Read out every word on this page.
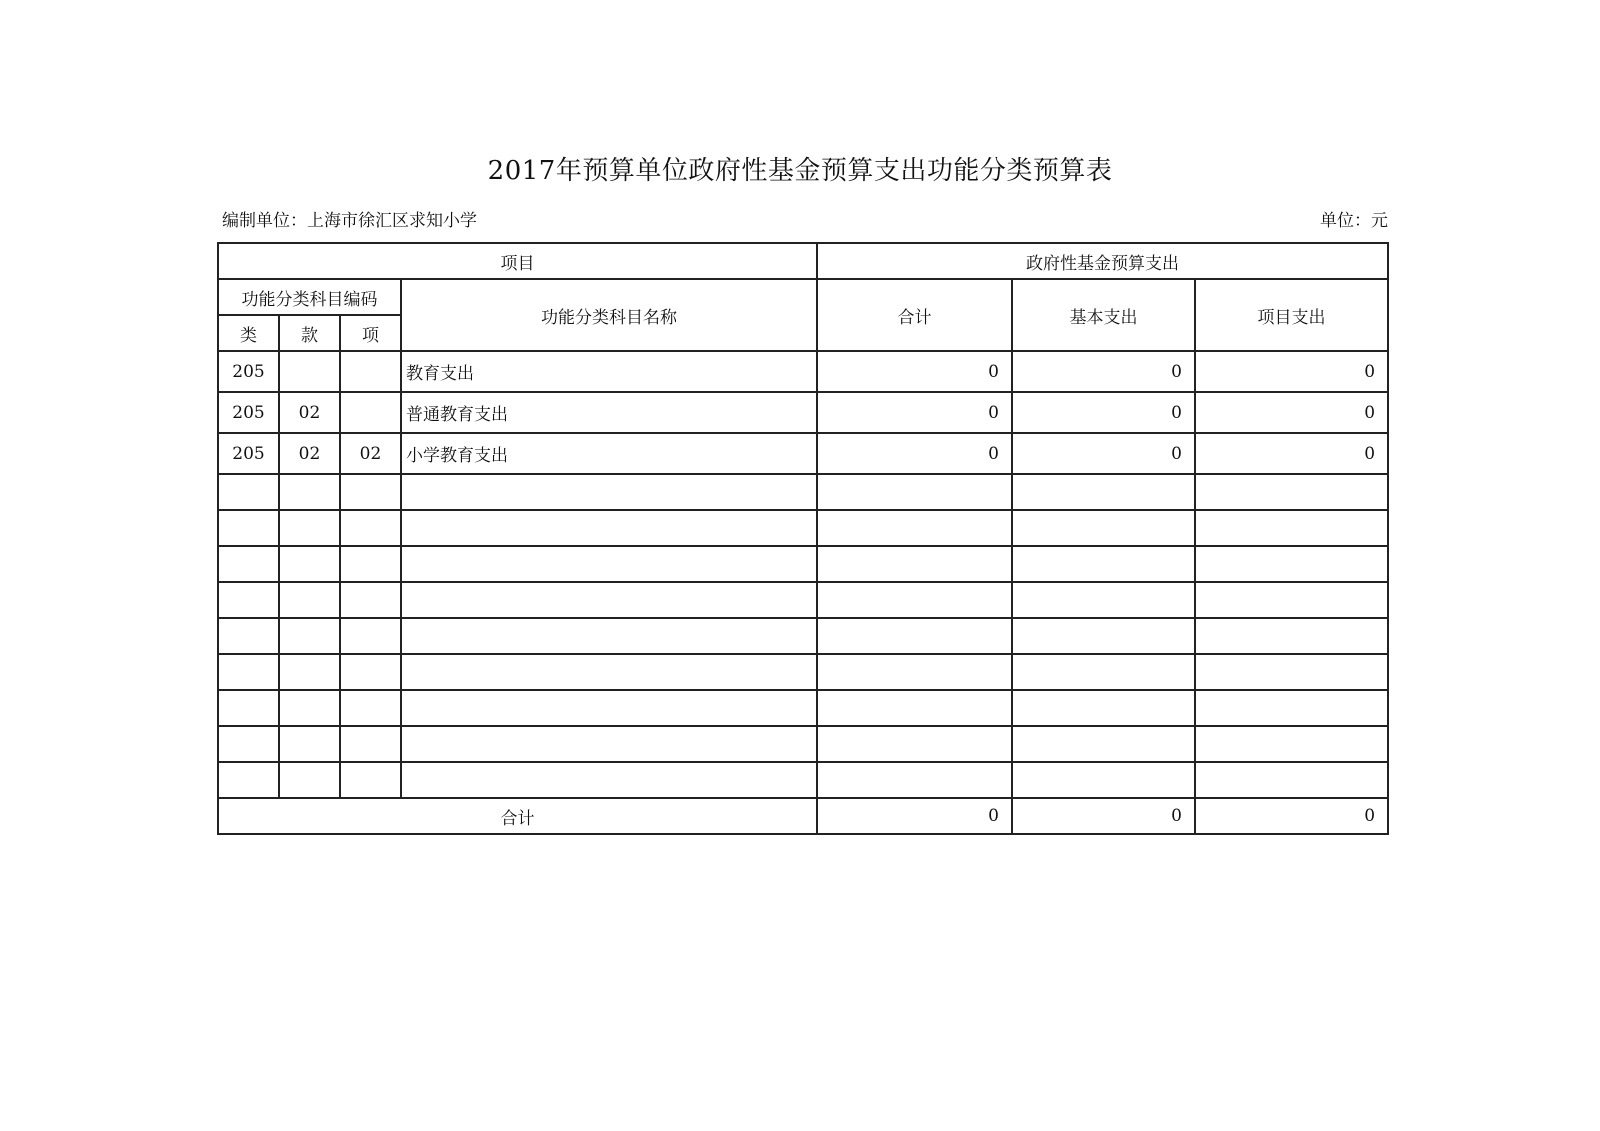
2017年预算单位政府性基金预算支出功能分类预算表
编制单位：上海市徐汇区求知小学	单位：元
项目				政府性基金预算支出		
功能分类科目编码			功能分类科目名称	合计	基本支出	项目支出
类	款	项				
205			教育支出	0	0	0
205	02		普通教育支出	0	0	0
205	02	02	小学教育支出	0	0	0

合计				0	0	0
